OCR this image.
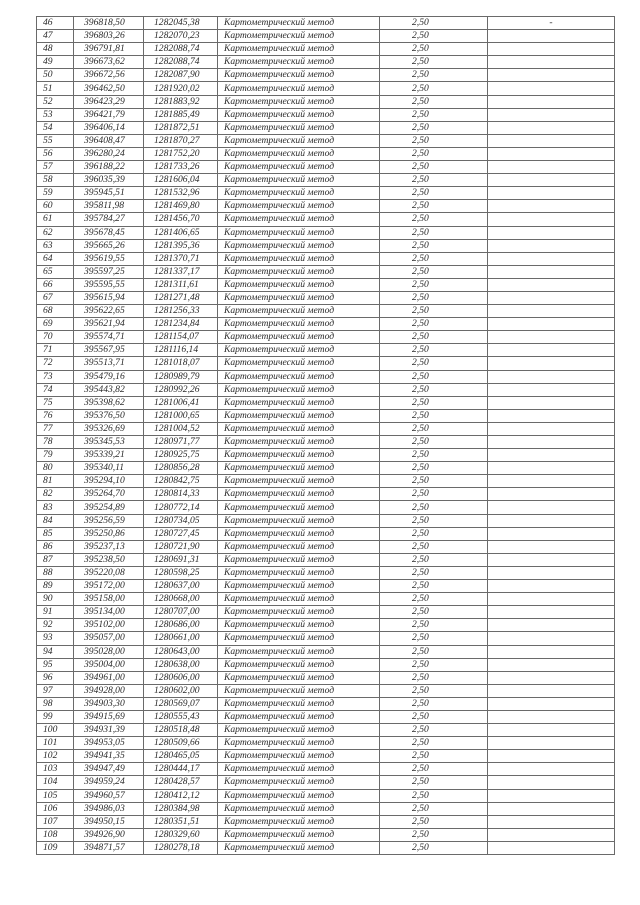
46	396818,50	1282045,38	Картометрический метод	2,50	-
47	396803,26	1282070,23	Картометрический метод	2,50	
48	396791,81	1282088,74	Картометрический метод	2,50	
49	396673,62	1282088,74	Картометрический метод	2,50	
50	396672,56	1282087,90	Картометрический метод	2,50	
51	396462,50	1281920,02	Картометрический метод	2,50	
52	396423,29	1281883,92	Картометрический метод	2,50	
53	396421,79	1281885,49	Картометрический метод	2,50	
54	396406,14	1281872,51	Картометрический метод	2,50	
55	396408,47	1281870,27	Картометрический метод	2,50	
56	396280,24	1281752,20	Картометрический метод	2,50	
57	396188,22	1281733,26	Картометрический метод	2,50	
58	396035,39	1281606,04	Картометрический метод	2,50	
59	395945,51	1281532,96	Картометрический метод	2,50	
60	395811,98	1281469,80	Картометрический метод	2,50	
61	395784,27	1281456,70	Картометрический метод	2,50	
62	395678,45	1281406,65	Картометрический метод	2,50	
63	395665,26	1281395,36	Картометрический метод	2,50	
64	395619,55	1281370,71	Картометрический метод	2,50	
65	395597,25	1281337,17	Картометрический метод	2,50	
66	395595,55	1281311,61	Картометрический метод	2,50	
67	395615,94	1281271,48	Картометрический метод	2,50	
68	395622,65	1281256,33	Картометрический метод	2,50	
69	395621,94	1281234,84	Картометрический метод	2,50	
70	395574,71	1281154,07	Картометрический метод	2,50	
71	395567,95	1281116,14	Картометрический метод	2,50	
72	395513,71	1281018,07	Картометрический метод	2,50	
73	395479,16	1280989,79	Картометрический метод	2,50	
74	395443,82	1280992,26	Картометрический метод	2,50	
75	395398,62	1281006,41	Картометрический метод	2,50	
76	395376,50	1281000,65	Картометрический метод	2,50	
77	395326,69	1281004,52	Картометрический метод	2,50	
78	395345,53	1280971,77	Картометрический метод	2,50	
79	395339,21	1280925,75	Картометрический метод	2,50	
80	395340,11	1280856,28	Картометрический метод	2,50	
81	395294,10	1280842,75	Картометрический метод	2,50	
82	395264,70	1280814,33	Картометрический метод	2,50	
83	395254,89	1280772,14	Картометрический метод	2,50	
84	395256,59	1280734,05	Картометрический метод	2,50	
85	395250,86	1280727,45	Картометрический метод	2,50	
86	395237,13	1280721,90	Картометрический метод	2,50	
87	395238,50	1280691,31	Картометрический метод	2,50	
88	395220,08	1280598,25	Картометрический метод	2,50	
89	395172,00	1280637,00	Картометрический метод	2,50	
90	395158,00	1280668,00	Картометрический метод	2,50	
91	395134,00	1280707,00	Картометрический метод	2,50	
92	395102,00	1280686,00	Картометрический метод	2,50	
93	395057,00	1280661,00	Картометрический метод	2,50	
94	395028,00	1280643,00	Картометрический метод	2,50	
95	395004,00	1280638,00	Картометрический метод	2,50	
96	394961,00	1280606,00	Картометрический метод	2,50	
97	394928,00	1280602,00	Картометрический метод	2,50	
98	394903,30	1280569,07	Картометрический метод	2,50	
99	394915,69	1280555,43	Картометрический метод	2,50	
100	394931,39	1280518,48	Картометрический метод	2,50	
101	394953,05	1280509,66	Картометрический метод	2,50	
102	394941,35	1280465,05	Картометрический метод	2,50	
103	394947,49	1280444,17	Картометрический метод	2,50	
104	394959,24	1280428,57	Картометрический метод	2,50	
105	394960,57	1280412,12	Картометрический метод	2,50	
106	394986,03	1280384,98	Картометрический метод	2,50	
107	394950,15	1280351,51	Картометрический метод	2,50	
108	394926,90	1280329,60	Картометрический метод	2,50	
109	394871,57	1280278,18	Картометрический метод	2,50	
